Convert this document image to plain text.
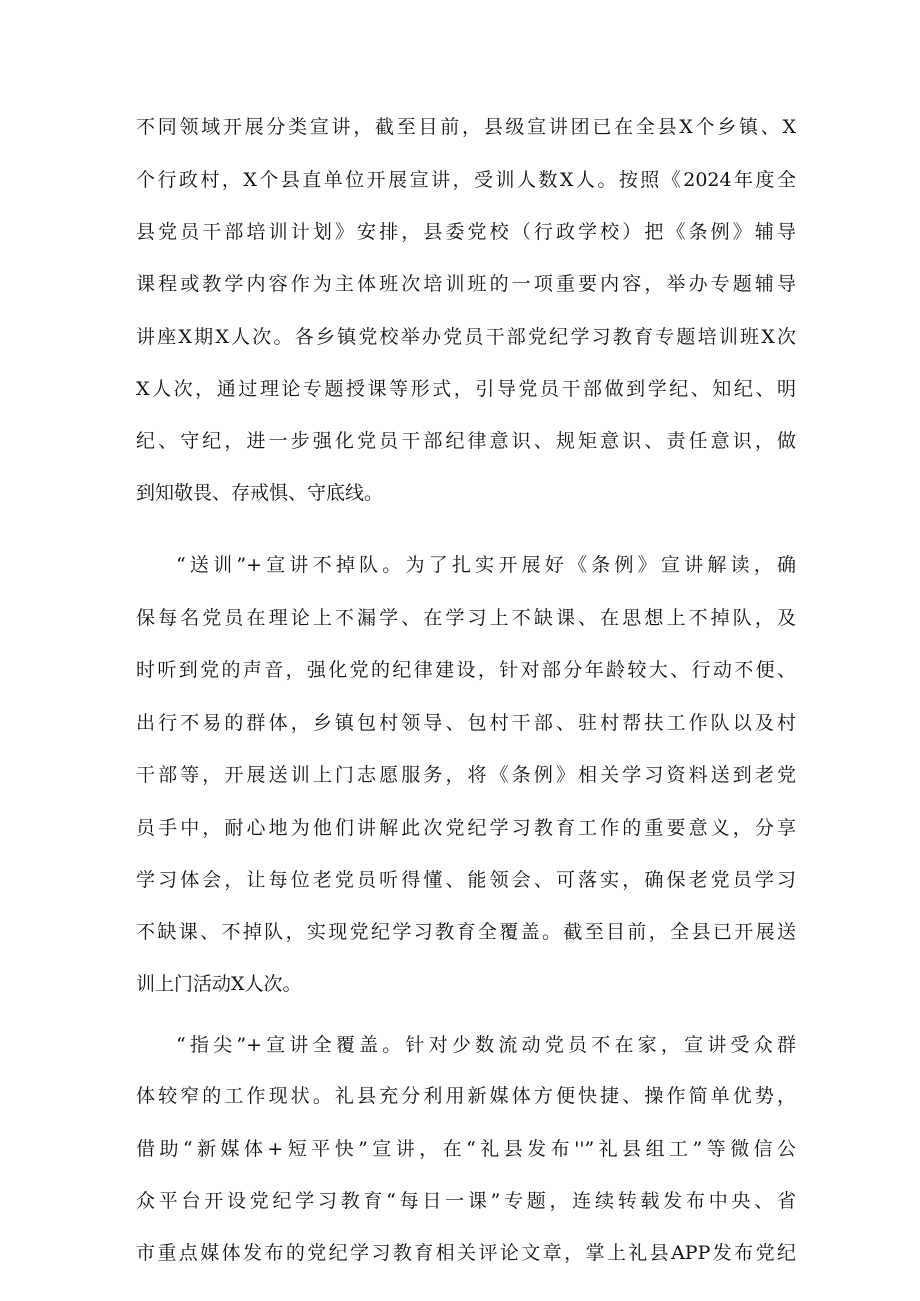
不同领域开展分类宣讲，截至目前，县级宣讲团已在全县X个乡镇、X
个行政村，X个县直单位开展宣讲，受训人数X人。按照《2024年度全
县党员干部培训计划》安排，县委党校（行政学校）把《条例》辅导
课程或教学内容作为主体班次培训班的一项重要内容，举办专题辅导
讲座X期X人次。各乡镇党校举办党员干部党纪学习教育专题培训班X次
X人次，通过理论专题授课等形式，引导党员干部做到学纪、知纪、明
纪、守纪，进一步强化党员干部纪律意识、规矩意识、责任意识，做
到知敬畏、存戒惧、守底线。
“送训”+宣讲不掉队。为了扎实开展好《条例》宣讲解读，确
保每名党员在理论上不漏学、在学习上不缺课、在思想上不掉队，及
时听到党的声音，强化党的纪律建设，针对部分年龄较大、行动不便、
出行不易的群体，乡镇包村领导、包村干部、驻村帮扶工作队以及村
干部等，开展送训上门志愿服务，将《条例》相关学习资料送到老党
员手中，耐心地为他们讲解此次党纪学习教育工作的重要意义，分享
学习体会，让每位老党员听得懂、能领会、可落实，确保老党员学习
不缺课、不掉队，实现党纪学习教育全覆盖。截至目前，全县已开展送
训上门活动X人次。
“指尖”+宣讲全覆盖。针对少数流动党员不在家，宣讲受众群
体较窄的工作现状。礼县充分利用新媒体方便快捷、操作简单优势，
借助“新媒体+短平快”宣讲，在“礼县发布''”礼县组工”等微信公
众平台开设党纪学习教育“每日一课”专题，连续转载发布中央、省
市重点媒体发布的党纪学习教育相关评论文章，掌上礼县APP发布党纪
